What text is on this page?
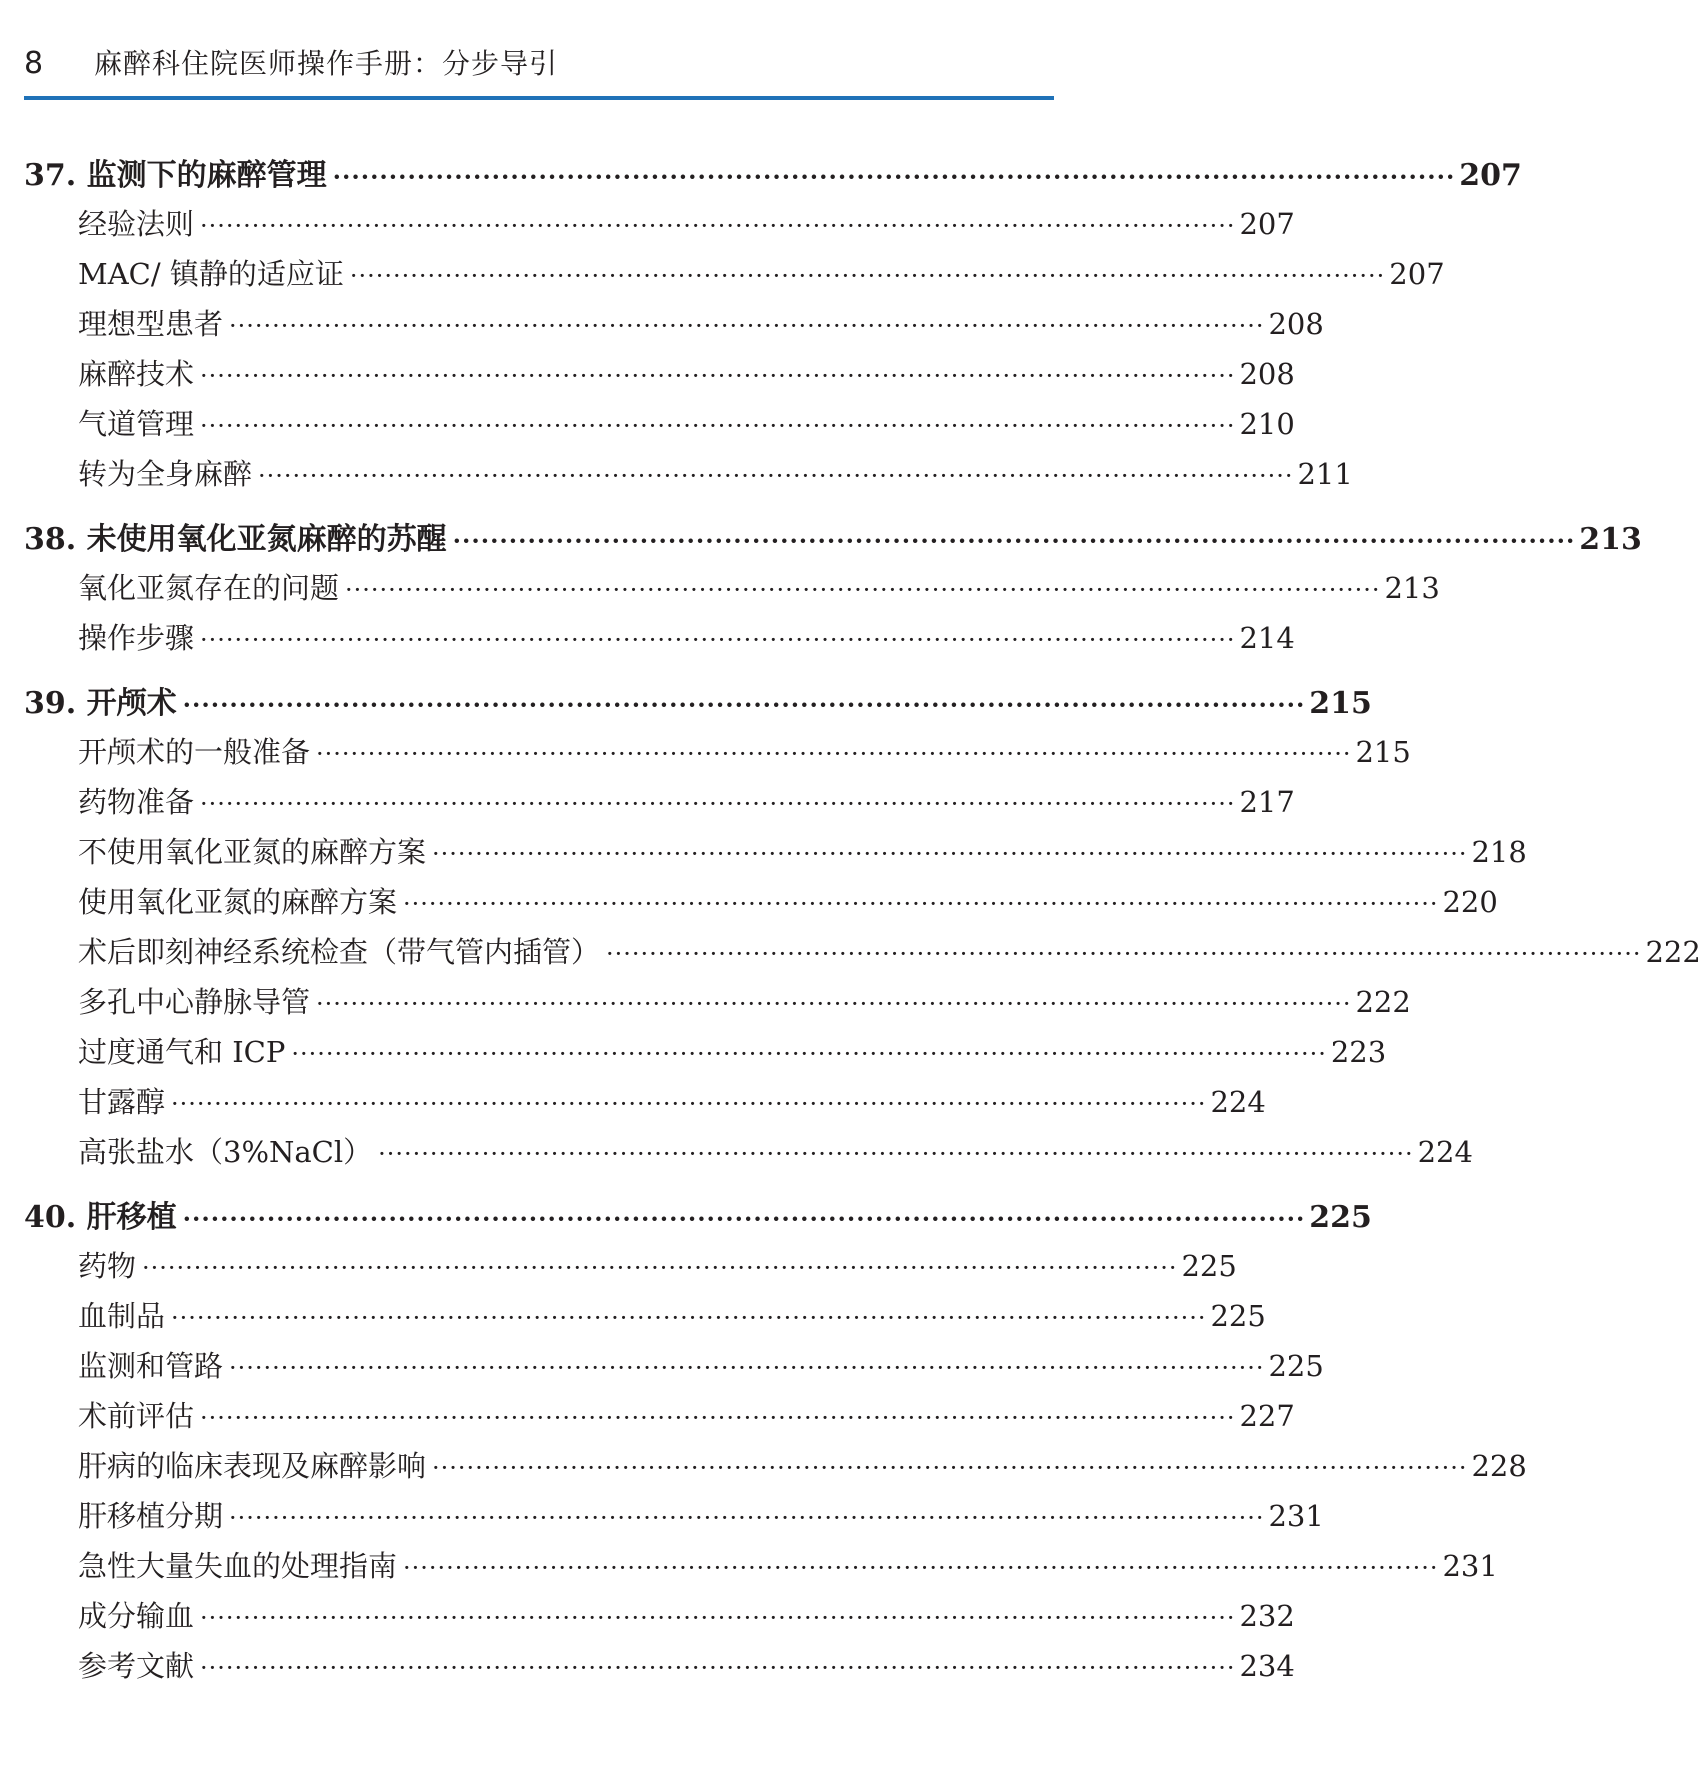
8	麻醉科住院医师操作手册：分步导引
37. 监测下的麻醉管理 ························································································································ 207
经验法则 ························································································································ 207
MAC/ 镇静的适应证 ························································································································ 207
理想型患者 ························································································································ 208
麻醉技术 ························································································································ 208
气道管理 ························································································································ 210
转为全身麻醉 ························································································································ 211
38. 未使用氧化亚氮麻醉的苏醒 ························································································································ 213
氧化亚氮存在的问题 ························································································································ 213
操作步骤 ························································································································ 214
39. 开颅术 ························································································································ 215
开颅术的一般准备 ························································································································ 215
药物准备 ························································································································ 217
不使用氧化亚氮的麻醉方案 ························································································································ 218
使用氧化亚氮的麻醉方案 ························································································································ 220
术后即刻神经系统检查（带气管内插管） ························································································································ 222
多孔中心静脉导管 ························································································································ 222
过度通气和 ICP ························································································································ 223
甘露醇 ························································································································ 224
高张盐水（3%NaCl） ························································································································ 224
40. 肝移植 ························································································································ 225
药物 ························································································································ 225
血制品 ························································································································ 225
监测和管路 ························································································································ 225
术前评估 ························································································································ 227
肝病的临床表现及麻醉影响 ························································································································ 228
肝移植分期 ························································································································ 231
急性大量失血的处理指南 ························································································································ 231
成分输血 ························································································································ 232
参考文献 ························································································································ 234
